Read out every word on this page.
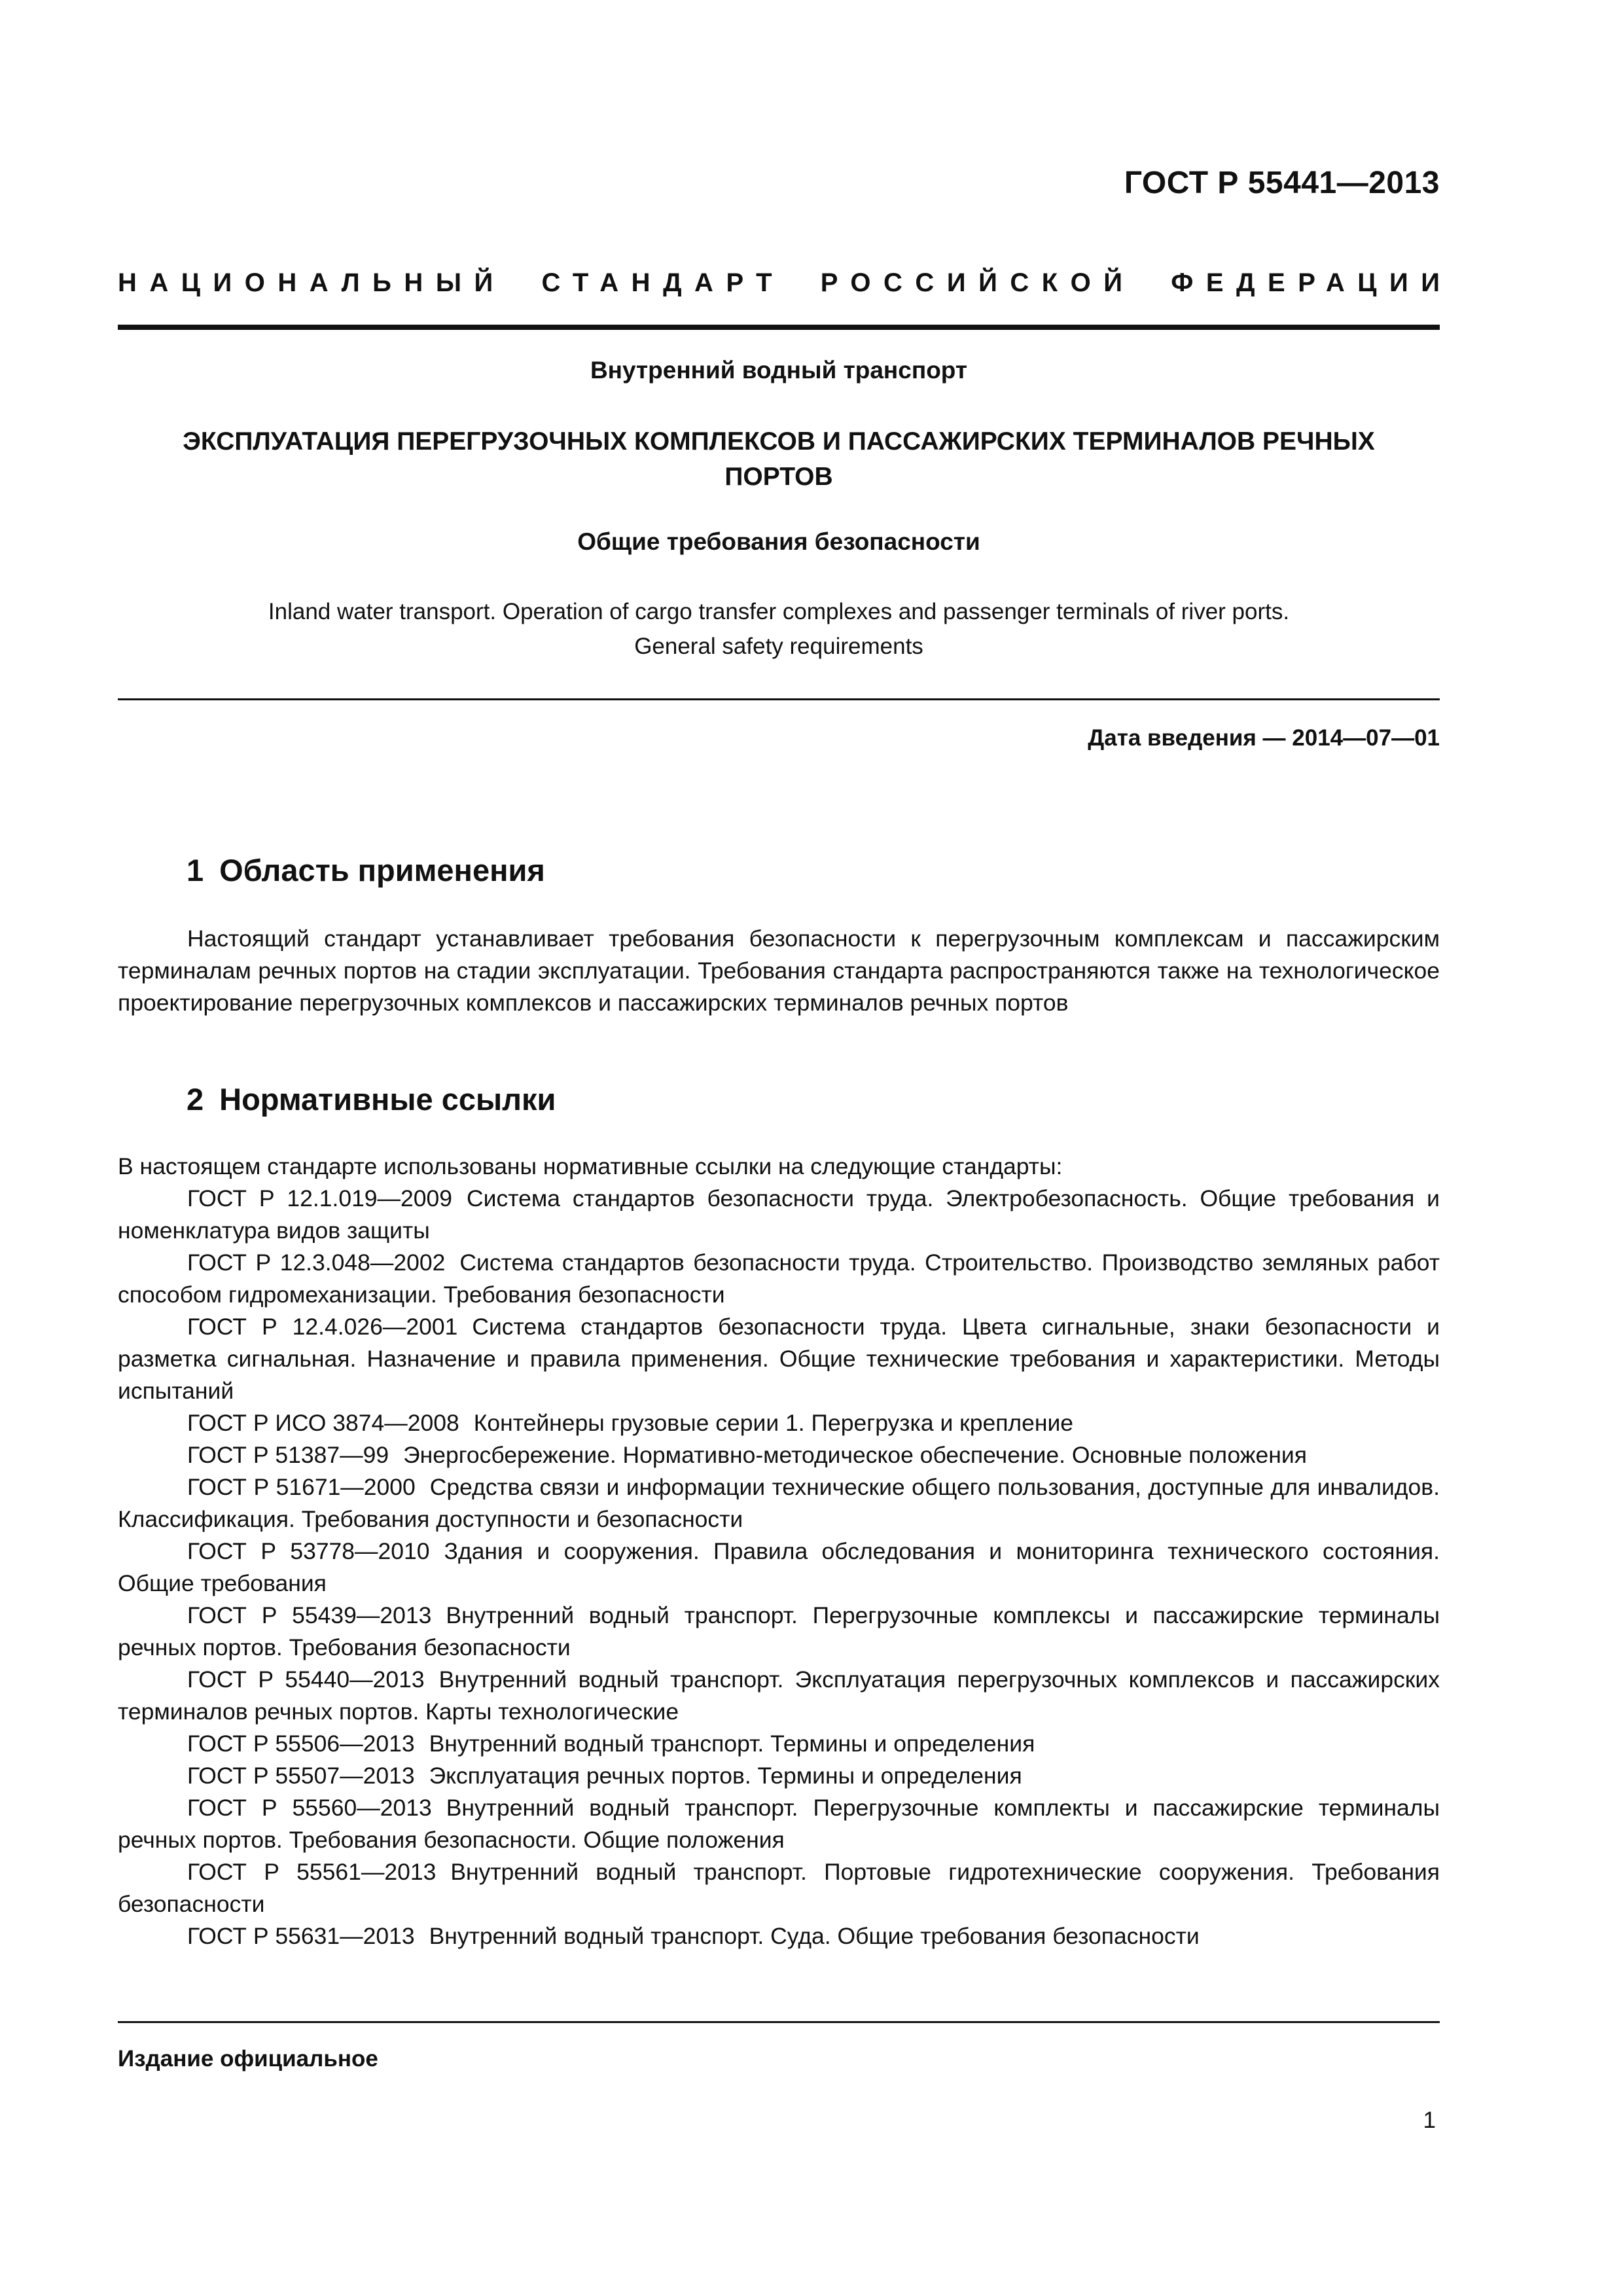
ГОСТ Р 55441—2013
НАЦИОНАЛЬНЫЙ СТАНДАРТ РОССИЙСКОЙ ФЕДЕРАЦИИ
Внутренний водный транспорт
ЭКСПЛУАТАЦИЯ ПЕРЕГРУЗОЧНЫХ КОМПЛЕКСОВ И ПАССАЖИРСКИХ ТЕРМИНАЛОВ РЕЧНЫХ
ПОРТОВ
Общие требования безопасности
Inland water transport. Operation of cargo transfer complexes and passenger terminals of river ports.
General safety requirements
Дата введения — 2014—07—01
1 Область применения

Настоящий стандарт устанавливает требования безопасности к перегрузочным комплексам и пассажирским терминалам речных портов на стадии эксплуатации. Требования стандарта распространяются также на технологическое проектирование перегрузочных комплексов и пассажирских терминалов речных портов

2 Нормативные ссылки

В настоящем стандарте использованы нормативные ссылки на следующие стандарты:

ГОСТ Р 12.1.019—2009 Система стандартов безопасности труда. Электробезопасность. Общие требования и номенклатура видов защиты

ГОСТ Р 12.3.048—2002 Система стандартов безопасности труда. Строительство. Производство земляных работ способом гидромеханизации. Требования безопасности

ГОСТ Р 12.4.026—2001 Система стандартов безопасности труда. Цвета сигнальные, знаки безопасности и разметка сигнальная. Назначение и правила применения. Общие технические требования и характеристики. Методы испытаний

ГОСТ Р ИСО 3874—2008 Контейнеры грузовые серии 1. Перегрузка и крепление

ГОСТ Р 51387—99 Энергосбережение. Нормативно-методическое обеспечение. Основные положения

ГОСТ Р 51671—2000 Средства связи и информации технические общего пользования, доступные для инвалидов. Классификация. Требования доступности и безопасности

ГОСТ Р 53778—2010 Здания и сооружения. Правила обследования и мониторинга технического состояния. Общие требования

ГОСТ Р 55439—2013 Внутренний водный транспорт. Перегрузочные комплексы и пассажирские терминалы речных портов. Требования безопасности

ГОСТ Р 55440—2013 Внутренний водный транспорт. Эксплуатация перегрузочных комплексов и пассажирских терминалов речных портов. Карты технологические

ГОСТ Р 55506—2013 Внутренний водный транспорт. Термины и определения

ГОСТ Р 55507—2013 Эксплуатация речных портов. Термины и определения

ГОСТ Р 55560—2013 Внутренний водный транспорт. Перегрузочные комплекты и пассажирские терминалы речных портов. Требования безопасности. Общие положения

ГОСТ Р 55561—2013 Внутренний водный транспорт. Портовые гидротехнические сооружения. Требования безопасности

ГОСТ Р 55631—2013 Внутренний водный транспорт. Суда. Общие требования безопасности

Издание официальное
1
